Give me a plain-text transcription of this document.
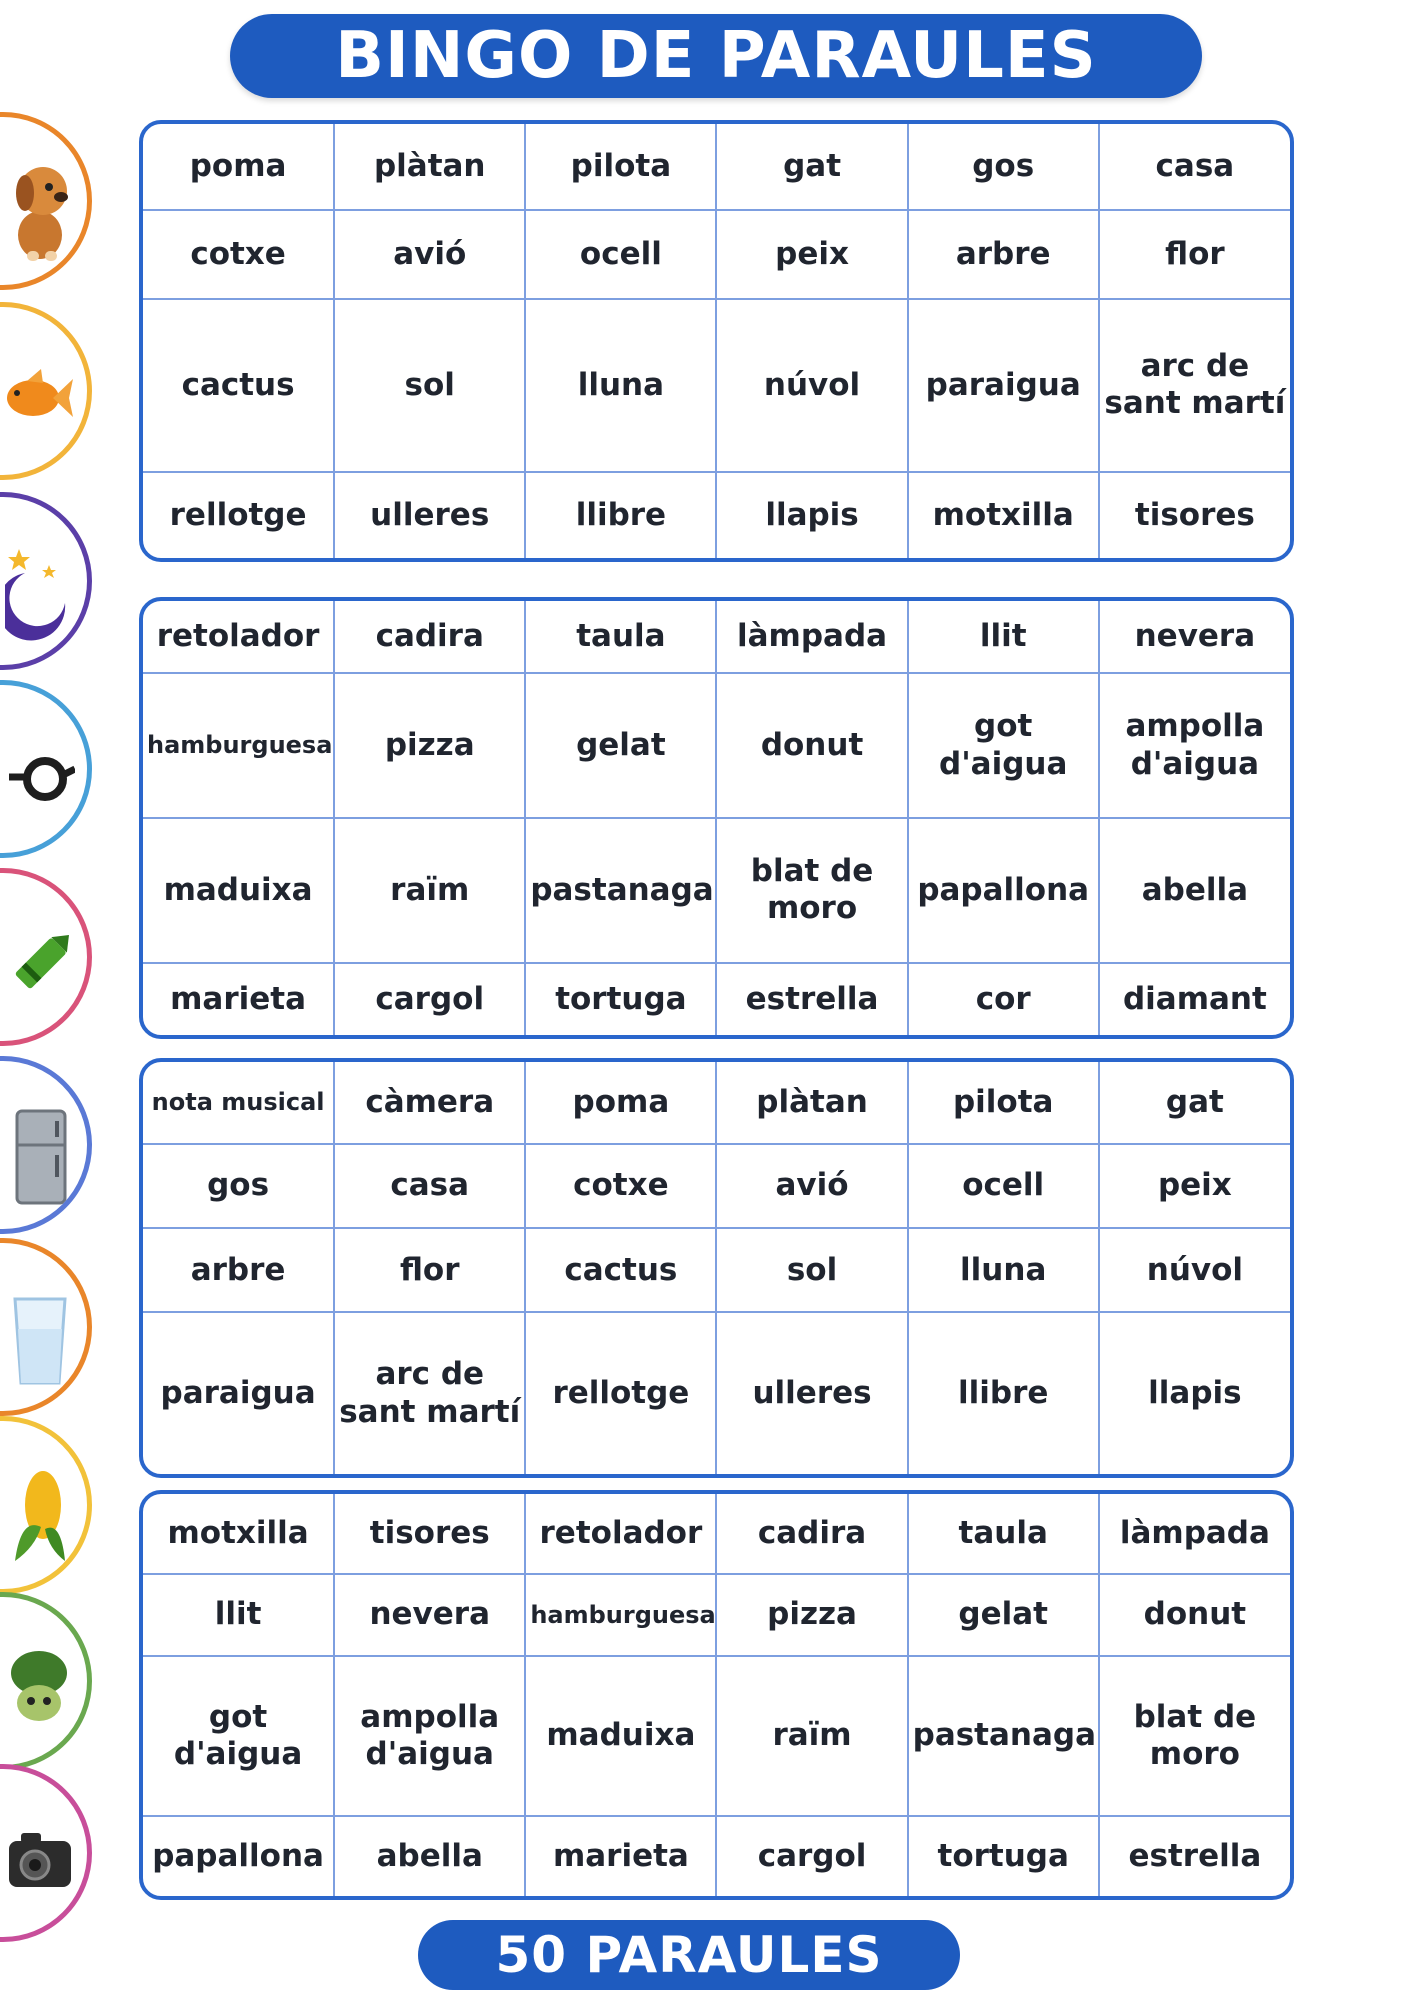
BINGO DE PARAULES
poma	plàtan	pilota	gat	gos	casa
cotxe	avió	ocell	peix	arbre	flor
cactus	sol	lluna	núvol	paraigua	arc de sant martí
rellotge	ulleres	llibre	llapis	motxilla	tisores
retolador	cadira	taula	làmpada	llit	nevera
hamburguesa	pizza	gelat	donut	got d'aigua	ampolla d'aigua
maduixa	raïm	pastanaga	blat de moro	papallona	abella
marieta	cargol	tortuga	estrella	cor	diamant
nota musical	càmera	poma	plàtan	pilota	gat
gos	casa	cotxe	avió	ocell	peix
arbre	flor	cactus	sol	lluna	núvol
paraigua	arc de sant martí	rellotge	ulleres	llibre	llapis
motxilla	tisores	retolador	cadira	taula	làmpada
llit	nevera	hamburguesa	pizza	gelat	donut
got d'aigua	ampolla d'aigua	maduixa	raïm	pastanaga	blat de moro
papallona	abella	marieta	cargol	tortuga	estrella
50 PARAULES
